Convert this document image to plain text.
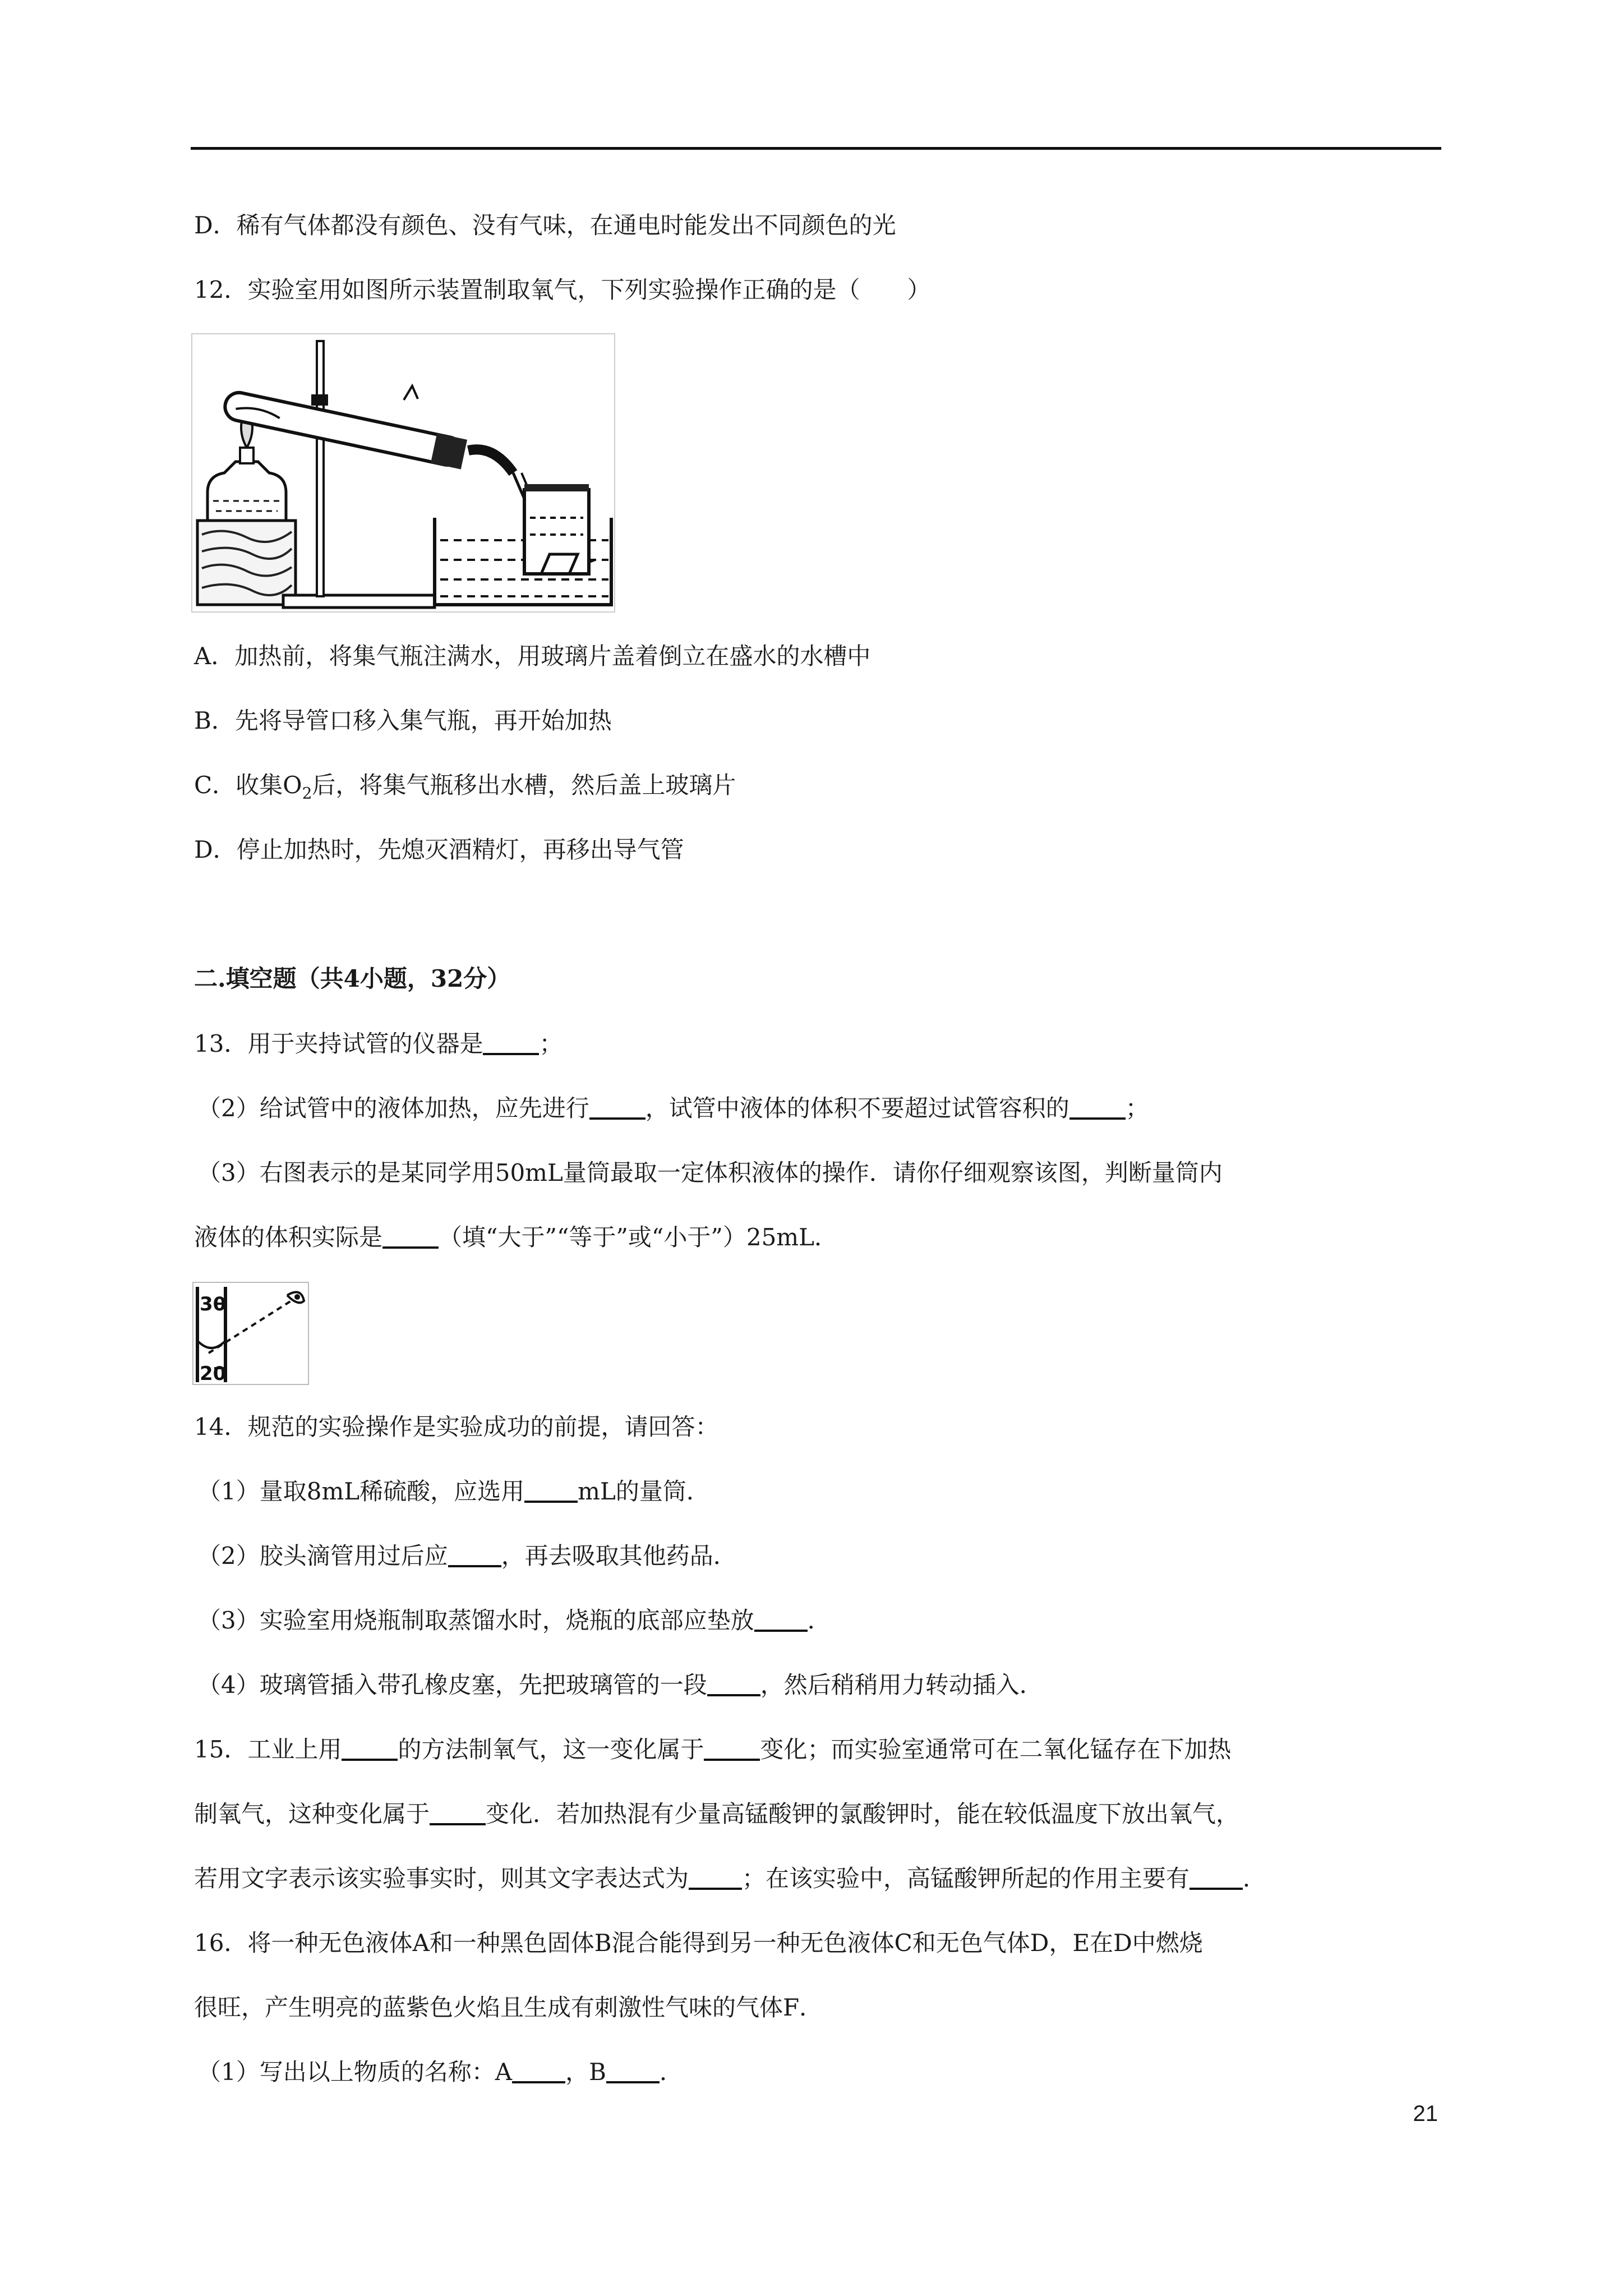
D．稀有气体都没有颜色、没有气味，在通电时能发出不同颜色的光
12．实验室用如图所示装置制取氧气，下列实验操作正确的是（　　）
A．加热前，将集气瓶注满水，用玻璃片盖着倒立在盛水的水槽中
B．先将导管口移入集气瓶，再开始加热
C．收集$O_2$后，将集气瓶移出水槽，然后盖上玻璃片
D．停止加热时，先熄灭酒精灯，再移出导气管
二.填空题（共4小题，32分）
13．用于夹持试管的仪器是 ；
（2）给试管中的液体加热，应先进行 ，试管中液体的体积不要超过试管容积的 ；
（3）右图表示的是某同学用50mL量筒最取一定体积液体的操作．请你仔细观察该图，判断量筒内
液体的体积实际是 （填“大于”“等于”或“小于”）25mL．
30
20
14．规范的实验操作是实验成功的前提，请回答：
（1）量取8mL稀硫酸，应选用 mL的量筒．
（2）胶头滴管用过后应 ，再去吸取其他药品．
（3）实验室用烧瓶制取蒸馏水时，烧瓶的底部应垫放 ．
（4）玻璃管插入带孔橡皮塞，先把玻璃管的一段 ，然后稍稍用力转动插入．
15．工业上用 的方法制氧气，这一变化属于 变化；而实验室通常可在二氧化锰存在下加热
制氧气，这种变化属于 变化．若加热混有少量高锰酸钾的氯酸钾时，能在较低温度下放出氧气，
若用文字表示该实验事实时，则其文字表达式为 ；在该实验中，高锰酸钾所起的作用主要有 ．
16．将一种无色液体A和一种黑色固体B混合能得到另一种无色液体C和无色气体D，E在D中燃烧
很旺，产生明亮的蓝紫色火焰且生成有刺激性气味的气体F．
（1）写出以上物质的名称：A ，B ．
21
